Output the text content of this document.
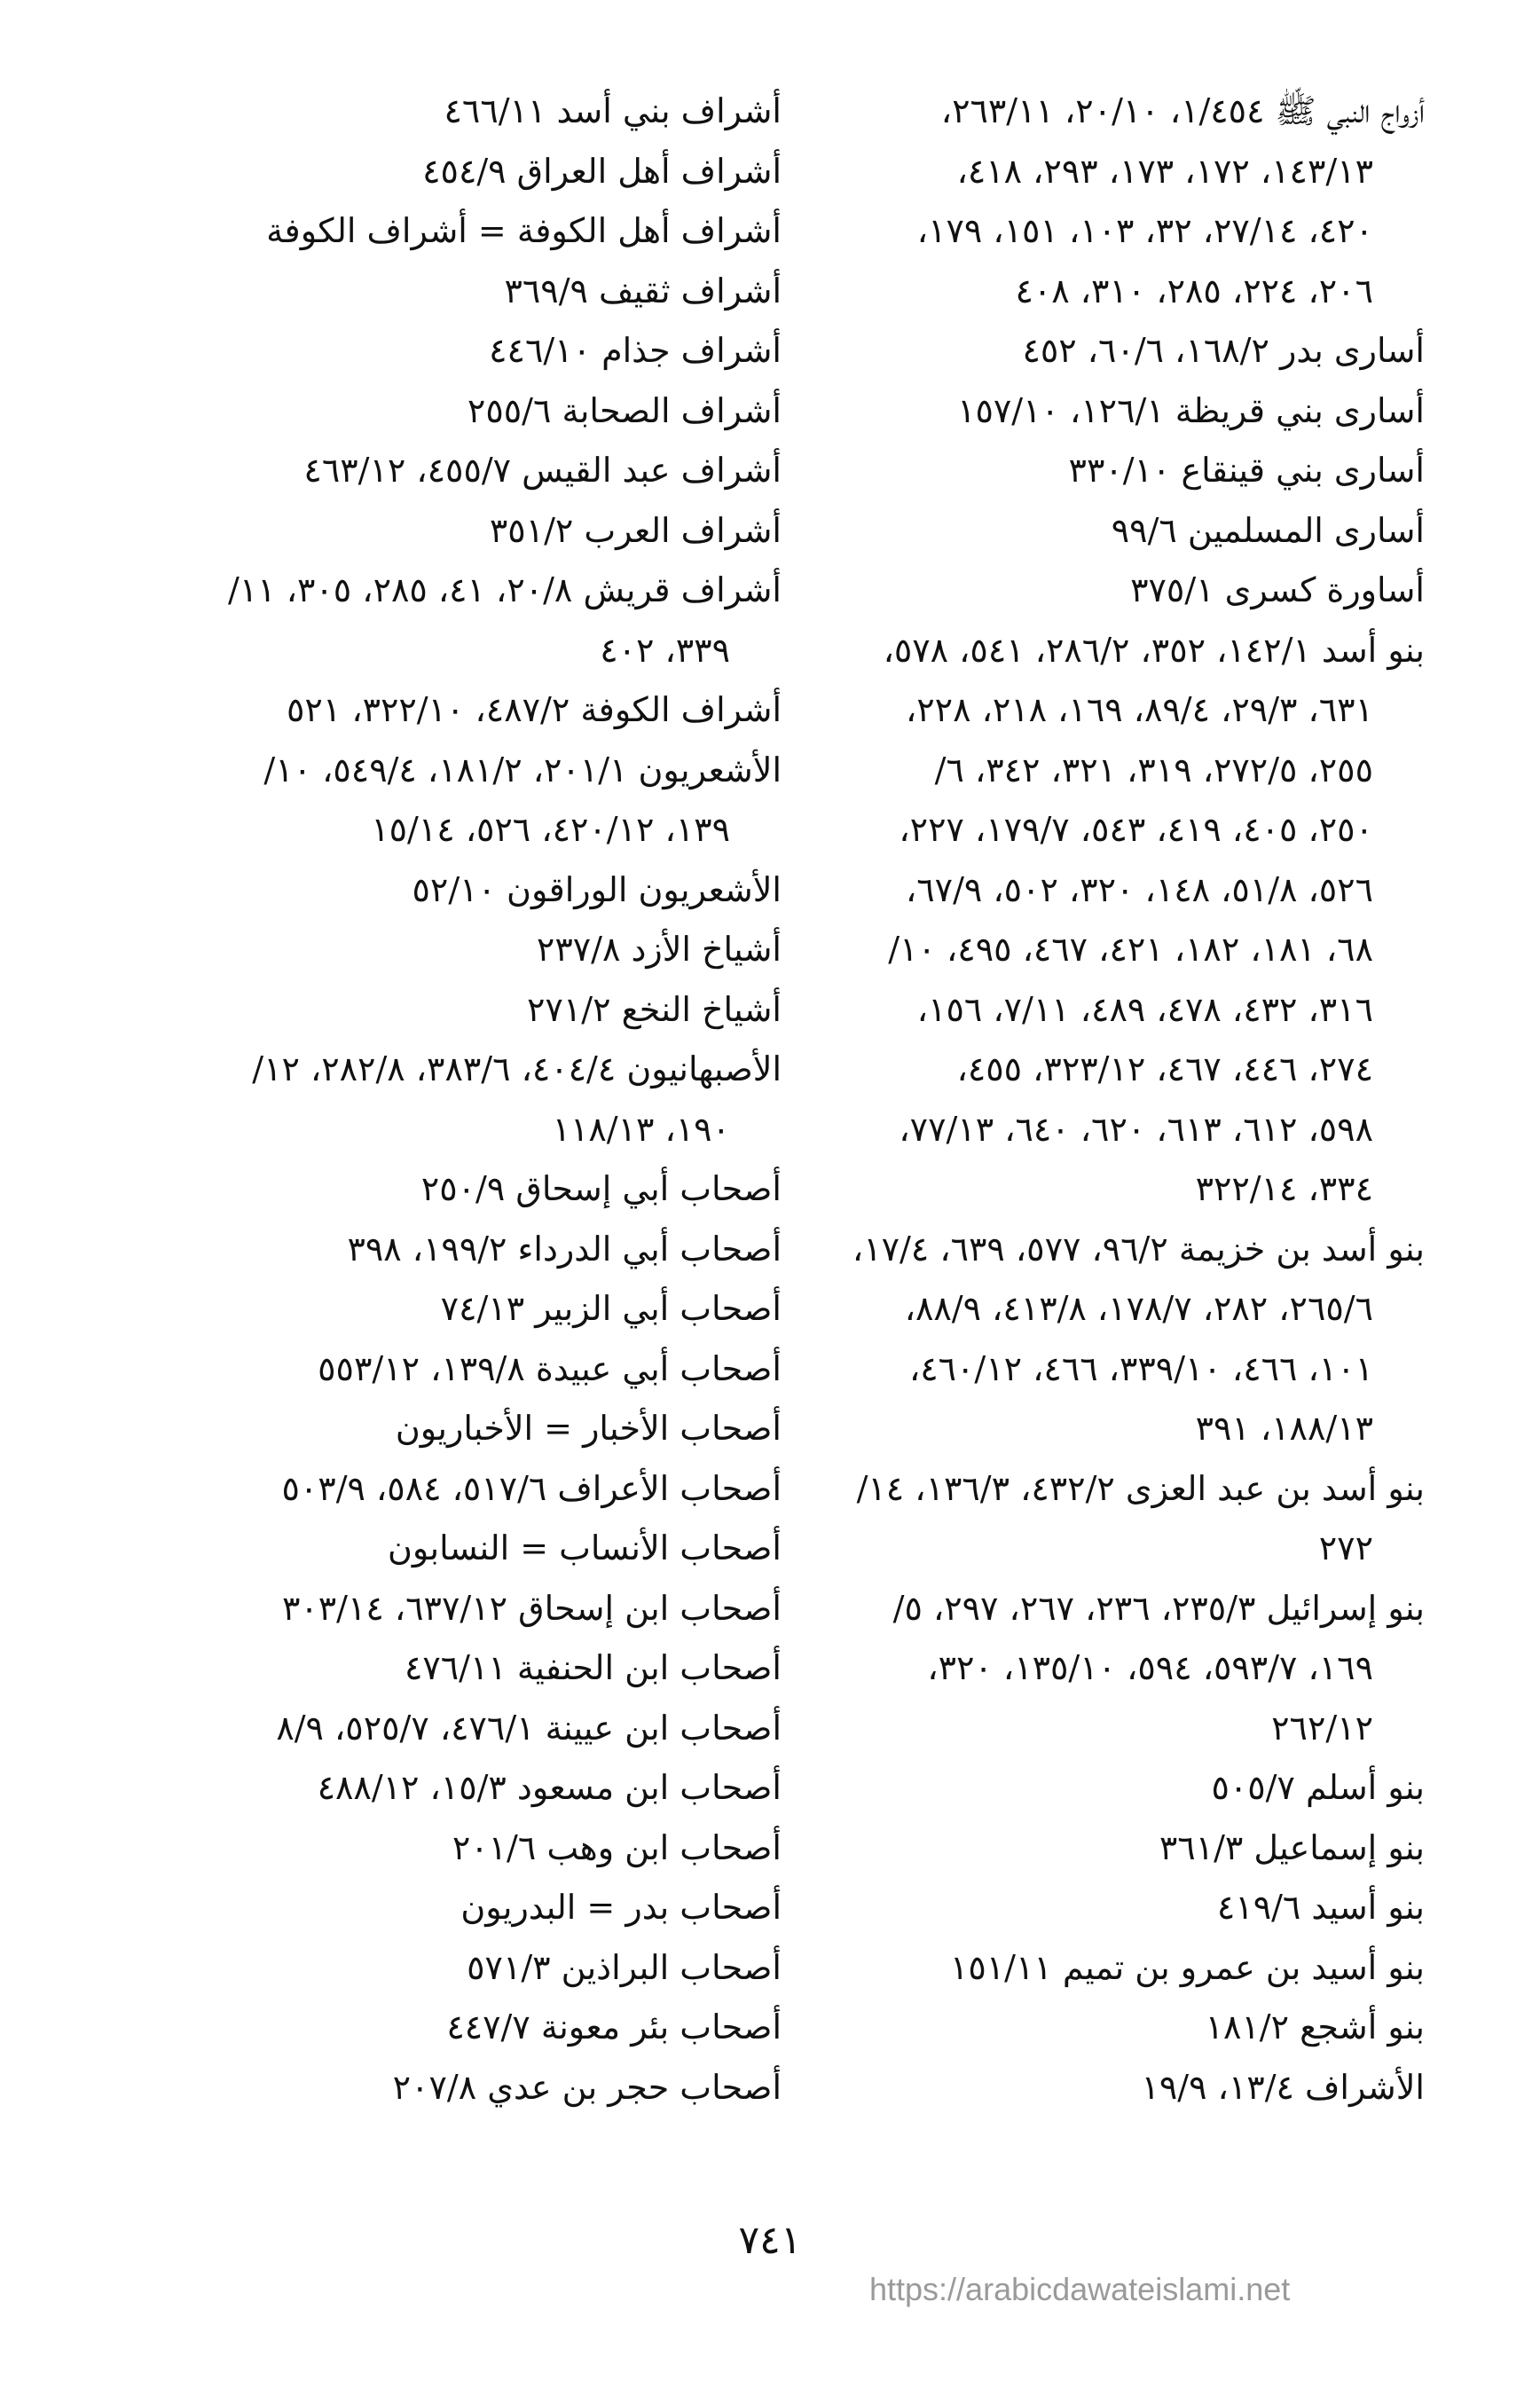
أزواج النبي ﷺ ١/٤٥٤، ٢٠/١٠، ٢٦٣/١١،
١٤٣/١٣، ١٧٢، ١٧٣، ٢٩٣، ٤١٨،
٤٢٠، ٢٧/١٤، ٣٢، ١٠٣، ١٥١، ١٧٩،
٢٠٦، ٢٢٤، ٢٨٥، ٣١٠، ٤٠٨
أسارى بدر ١٦٨/٢، ٦٠/٦، ٤٥٢
أسارى بني قريظة ١٢٦/١، ١٥٧/١٠
أسارى بني قينقاع ٣٣٠/١٠
أسارى المسلمين ٩٩/٦
أساورة كسرى ٣٧٥/١
بنو أسد ١٤٢/١، ٣٥٢، ٢٨٦/٢، ٥٤١، ٥٧٨،
٦٣١، ٢٩/٣، ٨٩/٤، ١٦٩، ٢١٨، ٢٢٨،
٢٥٥، ٢٧٢/٥، ٣١٩، ٣٢١، ٣٤٢، ٦/
٢٥٠، ٤٠٥، ٤١٩، ٥٤٣، ١٧٩/٧، ٢٢٧،
٥٢٦، ٥١/٨، ١٤٨، ٣٢٠، ٥٠٢، ٦٧/٩،
٦٨، ١٨١، ١٨٢، ٤٢١، ٤٦٧، ٤٩٥، ١٠/
٣١٦، ٤٣٢، ٤٧٨، ٤٨٩، ٧/١١، ١٥٦،
٢٧٤، ٤٤٦، ٤٦٧، ٣٢٣/١٢، ٤٥٥،
٥٩٨، ٦١٢، ٦١٣، ٦٢٠، ٦٤٠، ٧٧/١٣،
٣٣٤، ٣٢٢/١٤
بنو أسد بن خزيمة ٩٦/٢، ٥٧٧، ٦٣٩، ١٧/٤،
٢٦٥/٦، ٢٨٢، ١٧٨/٧، ٤١٣/٨، ٨٨/٩،
١٠١، ٤٦٦، ٣٣٩/١٠، ٤٦٦، ٤٦٠/١٢،
١٨٨/١٣، ٣٩١
بنو أسد بن عبد العزى ٤٣٢/٢، ١٣٦/٣، ١٤/
٢٧٢
بنو إسرائيل ٢٣٥/٣، ٢٣٦، ٢٦٧، ٢٩٧، ٥/
١٦٩، ٥٩٣/٧، ٥٩٤، ١٣٥/١٠، ٣٢٠،
٢٦٢/١٢
بنو أسلم ٥٠٥/٧
بنو إسماعيل ٣٦١/٣
بنو أسيد ٤١٩/٦
بنو أسيد بن عمرو بن تميم ١٥١/١١
بنو أشجع ١٨١/٢
الأشراف ١٣/٤، ١٩/٩
أشراف بني أسد ٤٦٦/١١
أشراف أهل العراق ٤٥٤/٩
أشراف أهل الكوفة = أشراف الكوفة
أشراف ثقيف ٣٦٩/٩
أشراف جذام ٤٤٦/١٠
أشراف الصحابة ٢٥٥/٦
أشراف عبد القيس ٤٥٥/٧، ٤٦٣/١٢
أشراف العرب ٣٥١/٢
أشراف قريش ٢٠/٨، ٤١، ٢٨٥، ٣٠٥، ١١/
٣٣٩، ٤٠٢
أشراف الكوفة ٤٨٧/٢، ٣٢٢/١٠، ٥٢١
الأشعريون ٢٠١/١، ١٨١/٢، ٥٤٩/٤، ١٠/
١٣٩، ٤٢٠/١٢، ٥٢٦، ١٥/١٤
الأشعريون الوراقون ٥٢/١٠
أشياخ الأزد ٢٣٧/٨
أشياخ النخع ٢٧١/٢
الأصبهانيون ٤٠٤/٤، ٣٨٣/٦، ٢٨٢/٨، ١٢/
١٩٠، ١١٨/١٣
أصحاب أبي إسحاق ٢٥٠/٩
أصحاب أبي الدرداء ١٩٩/٢، ٣٩٨
أصحاب أبي الزبير ٧٤/١٣
أصحاب أبي عبيدة ١٣٩/٨، ٥٥٣/١٢
أصحاب الأخبار = الأخباريون
أصحاب الأعراف ٥١٧/٦، ٥٨٤، ٥٠٣/٩
أصحاب الأنساب = النسابون
أصحاب ابن إسحاق ٦٣٧/١٢، ٣٠٣/١٤
أصحاب ابن الحنفية ٤٧٦/١١
أصحاب ابن عيينة ٤٧٦/١، ٥٢٥/٧، ٨/٩
أصحاب ابن مسعود ١٥/٣، ٤٨٨/١٢
أصحاب ابن وهب ٢٠١/٦
أصحاب بدر = البدريون
أصحاب البراذين ٥٧١/٣
أصحاب بئر معونة ٤٤٧/٧
أصحاب حجر بن عدي ٢٠٧/٨
٧٤١
https://arabicdawateislami.net
